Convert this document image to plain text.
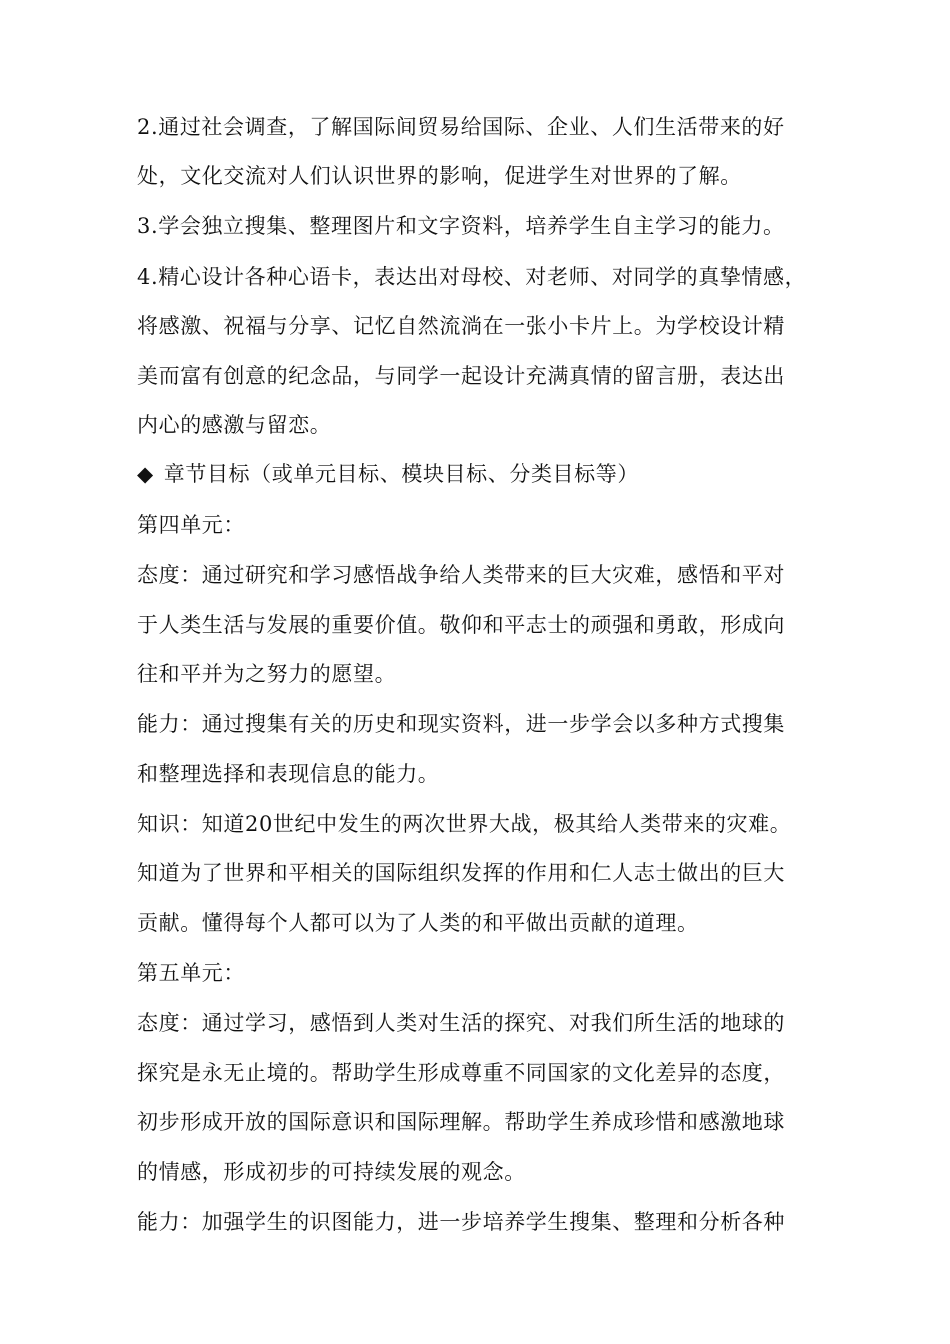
2.通过社会调查，了解国际间贸易给国际、企业、人们生活带来的好
处，文化交流对人们认识世界的影响，促进学生对世界的了解。
3.学会独立搜集、整理图片和文字资料，培养学生自主学习的能力。
4.精心设计各种心语卡，表达出对母校、对老师、对同学的真挚情感，
将感激、祝福与分享、记忆自然流淌在一张小卡片上。为学校设计精
美而富有创意的纪念品，与同学一起设计充满真情的留言册，表达出
内心的感激与留恋。
◆ 章节目标（或单元目标、模块目标、分类目标等）
第四单元：
态度：通过研究和学习感悟战争给人类带来的巨大灾难，感悟和平对
于人类生活与发展的重要价值。敬仰和平志士的顽强和勇敢，形成向
往和平并为之努力的愿望。
能力：通过搜集有关的历史和现实资料，进一步学会以多种方式搜集
和整理选择和表现信息的能力。
知识：知道20世纪中发生的两次世界大战，极其给人类带来的灾难。
知道为了世界和平相关的国际组织发挥的作用和仁人志士做出的巨大
贡献。懂得每个人都可以为了人类的和平做出贡献的道理。
第五单元：
态度：通过学习，感悟到人类对生活的探究、对我们所生活的地球的
探究是永无止境的。帮助学生形成尊重不同国家的文化差异的态度，
初步形成开放的国际意识和国际理解。帮助学生养成珍惜和感激地球
的情感，形成初步的可持续发展的观念。
能力：加强学生的识图能力，进一步培养学生搜集、整理和分析各种
